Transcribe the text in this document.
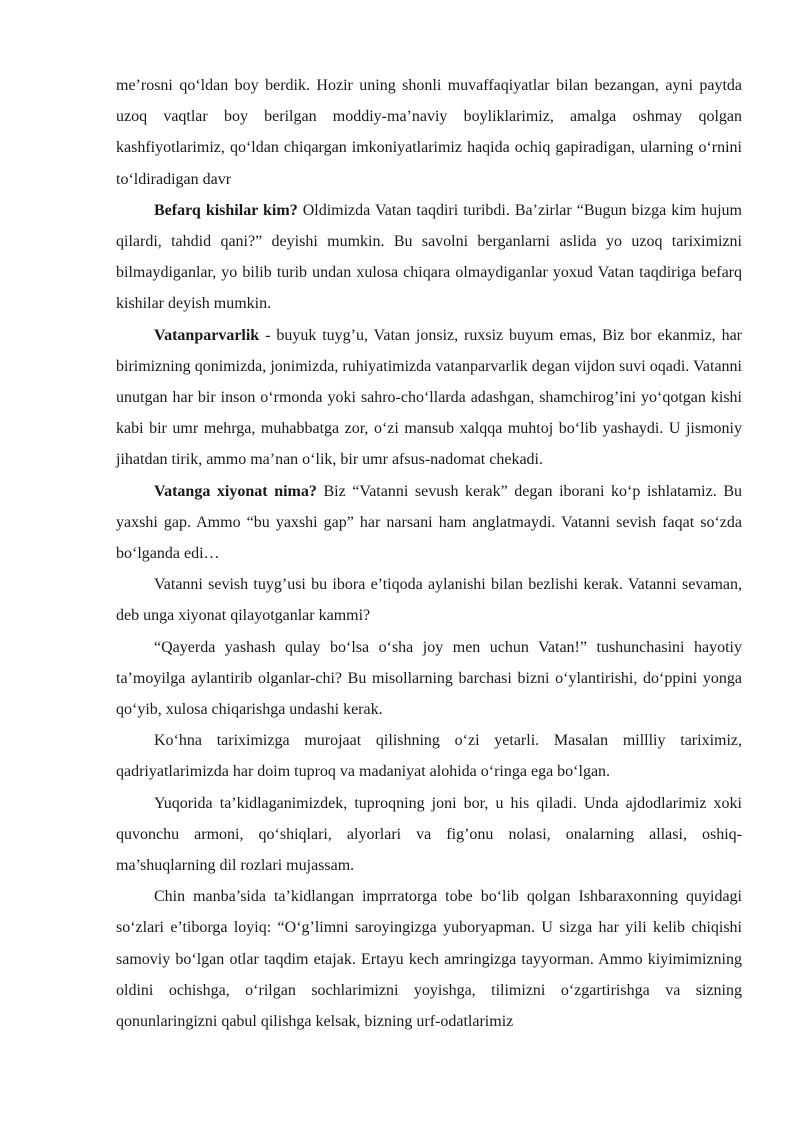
me’rosni qo‘ldan boy berdik. Hozir uning shonli muvaffaqiyatlar bilan bezangan, ayni paytda uzoq vaqtlar boy berilgan moddiy-ma’naviy boyliklarimiz, amalga oshmay qolgan kashfiyotlarimiz, qo‘ldan chiqargan imkoniyatlarimiz haqida ochiq gapiradigan, ularning o‘rnini to‘ldiradigan davr

Befarq kishilar kim? Oldimizda Vatan taqdiri turibdi. Ba’zirlar “Bugun bizga kim hujum qilardi, tahdid qani?” deyishi mumkin. Bu savolni berganlarni aslida yo uzoq tariximizni bilmaydiganlar, yo bilib turib undan xulosa chiqara olmaydiganlar yoxud Vatan taqdiriga befarq kishilar deyish mumkin.

Vatanparvarlik - buyuk tuyg’u, Vatan jonsiz, ruxsiz buyum emas, Biz bor ekanmiz, har birimizning qonimizda, jonimizda, ruhiyatimizda vatanparvarlik degan vijdon suvi oqadi. Vatanni unutgan har bir inson o‘rmonda yoki sahro-cho‘llarda adashgan, shamchirog’ini yo‘qotgan kishi kabi bir umr mehrga, muhabbatga zor, o‘zi mansub xalqqa muhtoj bo‘lib yashaydi. U jismoniy jihatdan tirik, ammo ma’nan o‘lik, bir umr afsus-nadomat chekadi.

Vatanga xiyonat nima? Biz “Vatanni sevush kerak” degan iborani ko‘p ishlatamiz. Bu yaxshi gap. Ammo “bu yaxshi gap” har narsani ham anglatmaydi. Vatanni sevish faqat so‘zda bo‘lganda edi…

Vatanni sevish tuyg’usi bu ibora e’tiqoda aylanishi bilan bezlishi kerak. Vatanni sevaman, deb unga xiyonat qilayotganlar kammi?

“Qayerda yashash qulay bo‘lsa o‘sha joy men uchun Vatan!” tushunchasini hayotiy ta’moyilga aylantirib olganlar-chi? Bu misollarning barchasi bizni o‘ylantirishi, do‘ppini yonga qo‘yib, xulosa chiqarishga undashi kerak.

Ko‘hna tariximizga murojaat qilishning o‘zi yetarli. Masalan millliy tariximiz, qadriyatlarimizda har doim tuproq va madaniyat alohida o‘ringa ega bo‘lgan.

Yuqorida ta’kidlaganimizdek, tuproqning joni bor, u his qiladi. Unda ajdodlarimiz xoki quvonchu armoni, qo‘shiqlari, alyorlari va fig’onu nolasi, onalarning allasi, oshiq-ma’shuqlarning dil rozlari mujassam.

Chin manba’sida ta’kidlangan imprratorga tobe bo‘lib qolgan Ishbaraxonning quyidagi so‘zlari e’tiborga loyiq: “O‘g’limni saroyingizga yuboryapman. U sizga har yili kelib chiqishi samoviy bo‘lgan otlar taqdim etajak. Ertayu kech amringizga tayyorman. Ammo kiyimimizning oldini ochishga, o‘rilgan sochlarimizni yoyishga, tilimizni o‘zgartirishga va sizning qonunlaringizni qabul qilishga kelsak, bizning urf-odatlarimiz
